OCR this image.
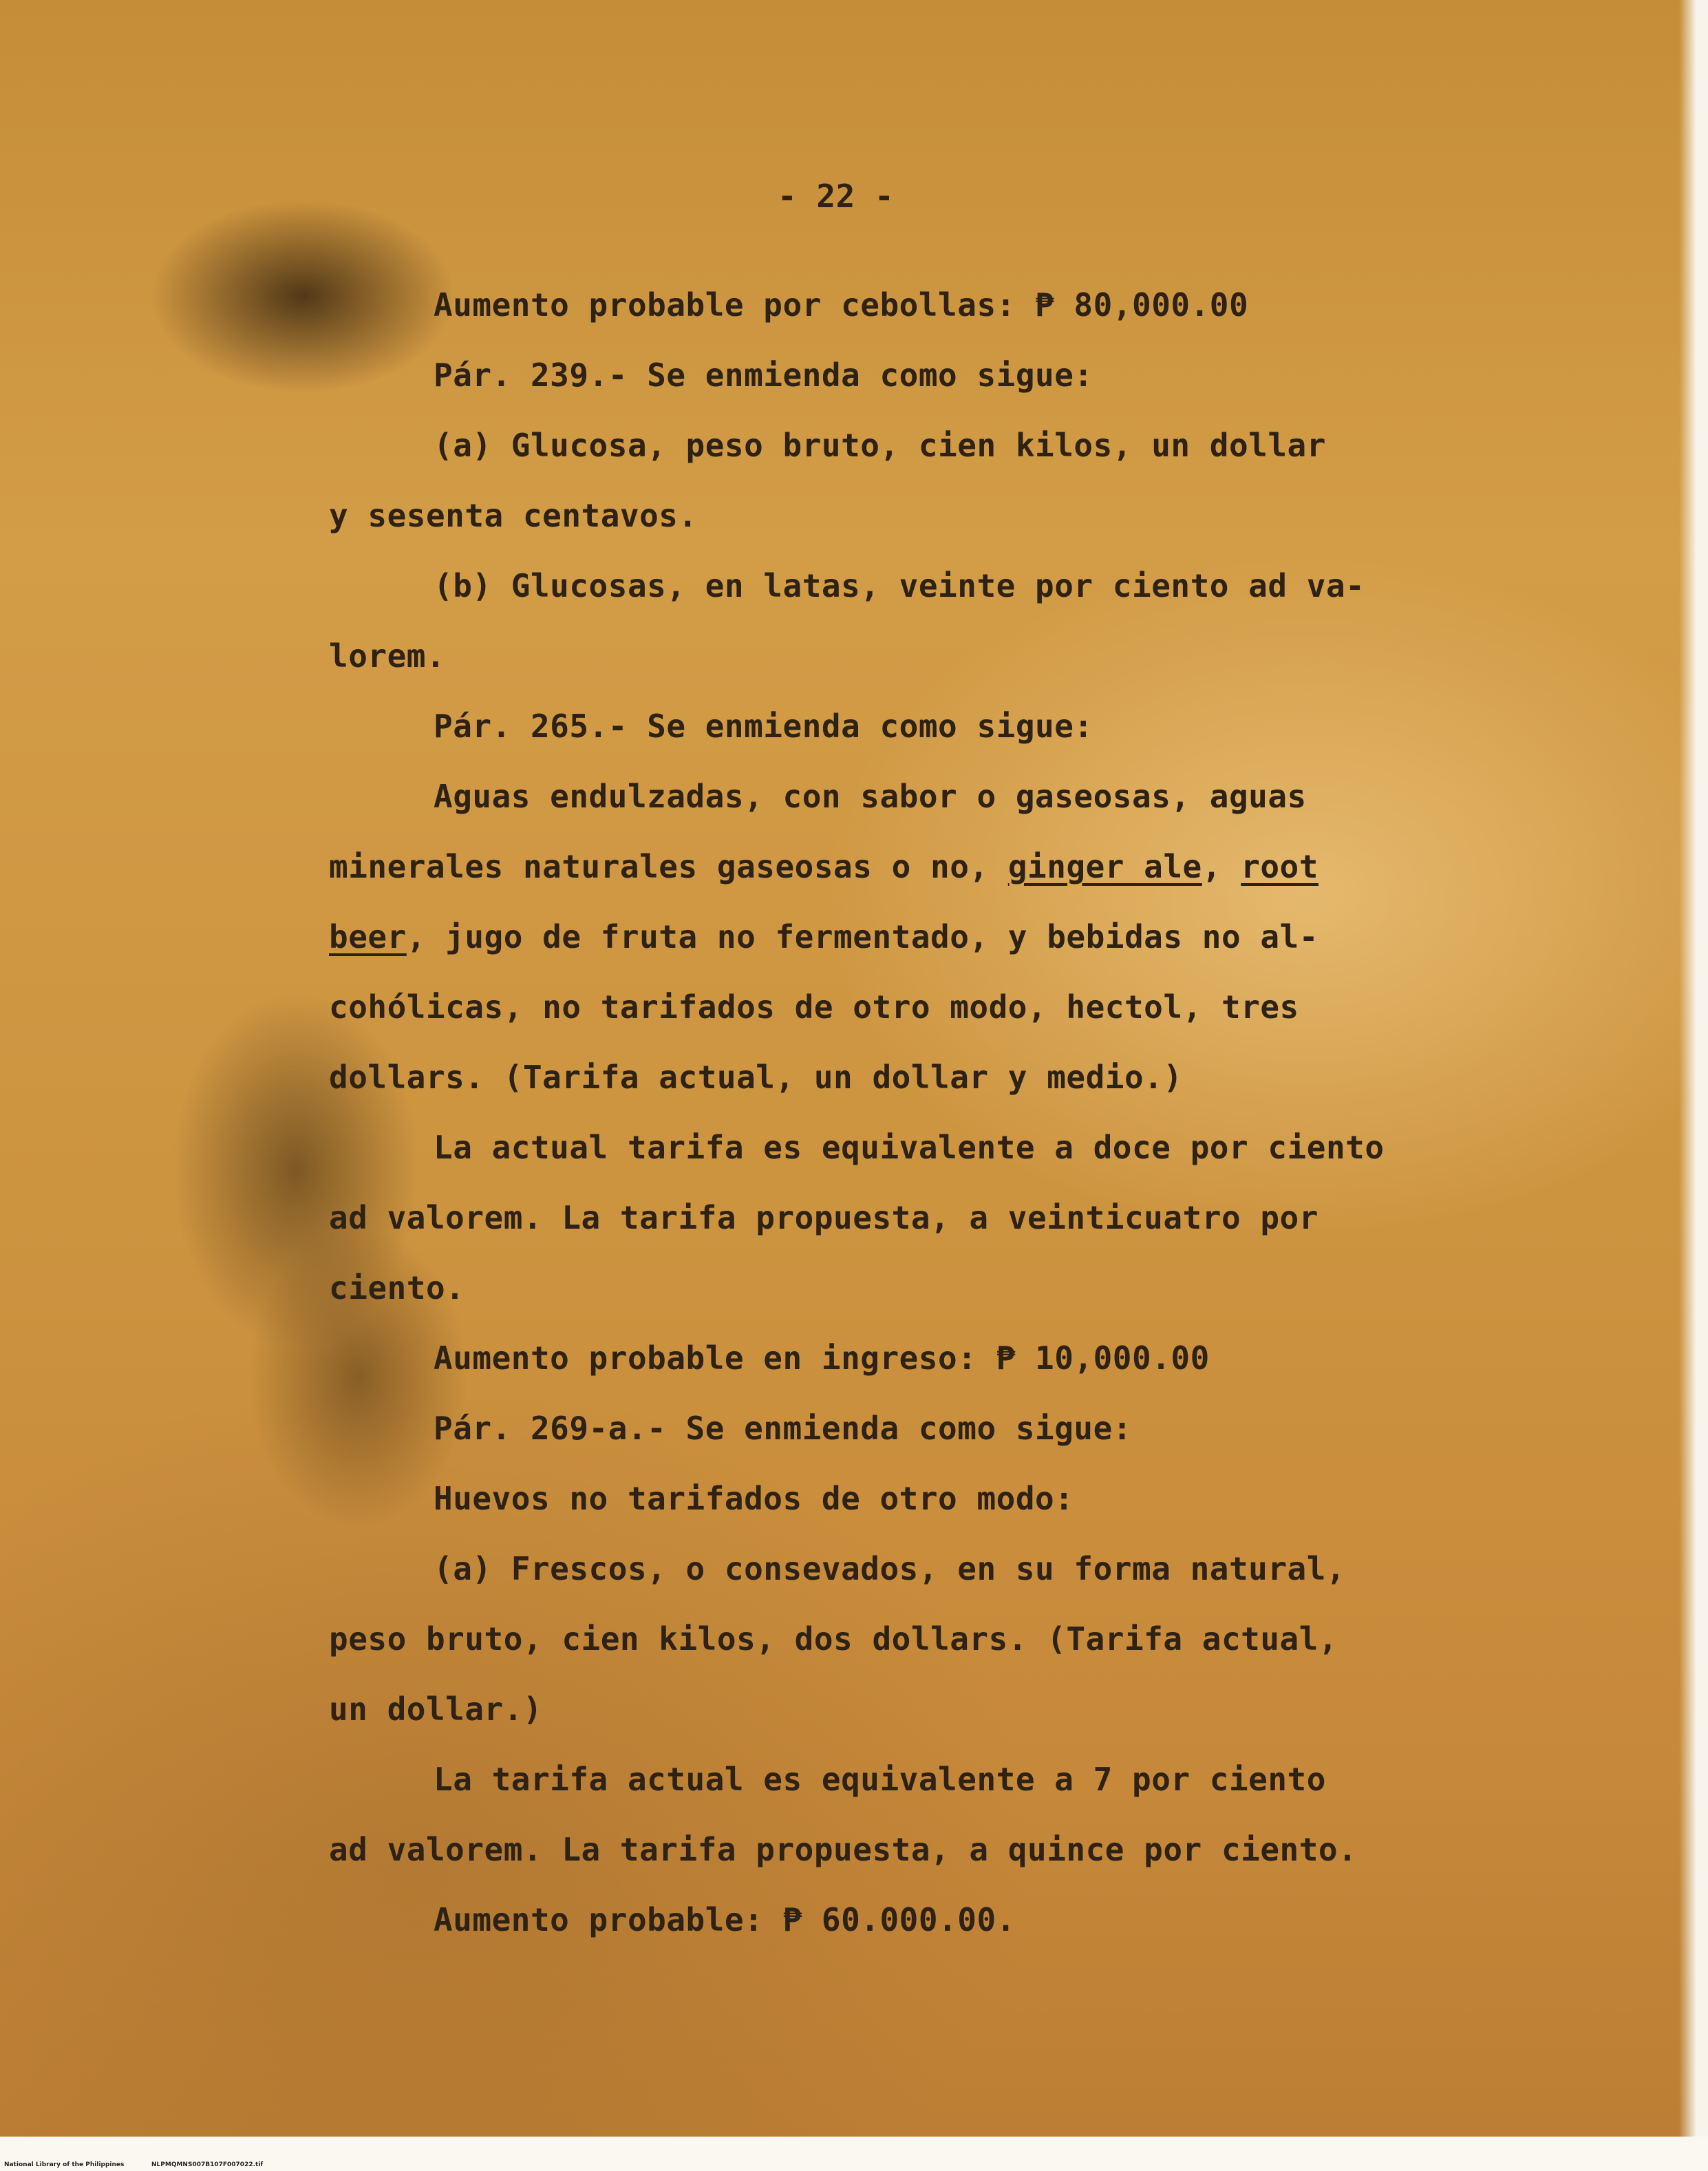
- 22 -

Aumento probable por cebollas: ₱ 80,000.00

Pár. 239.- Se enmienda como sigue:

(a) Glucosa, peso bruto, cien kilos, un dollar

y sesenta centavos.

(b) Glucosas, en latas, veinte por ciento ad va-

lorem.

Pár. 265.- Se enmienda como sigue:

Aguas endulzadas, con sabor o gaseosas, aguas

minerales naturales gaseosas o no, ginger ale, root

beer, jugo de fruta no fermentado, y bebidas no al-

cohólicas, no tarifados de otro modo, hectol, tres

dollars. (Tarifa actual, un dollar y medio.)

La actual tarifa es equivalente a doce por ciento

ad valorem. La tarifa propuesta, a veinticuatro por

ciento.

Aumento probable en ingreso: ₱ 10,000.00

Pár. 269-a.- Se enmienda como sigue:

Huevos no tarifados de otro modo:

(a) Frescos, o consevados, en su forma natural,

peso bruto, cien kilos, dos dollars. (Tarifa actual,

un dollar.)

La tarifa actual es equivalente a 7 por ciento

ad valorem. La tarifa propuesta, a quince por ciento.

Aumento probable: ₱ 60.000.00.

National Library of the Philippines	NLPMQMNS007B107F007022.tif
